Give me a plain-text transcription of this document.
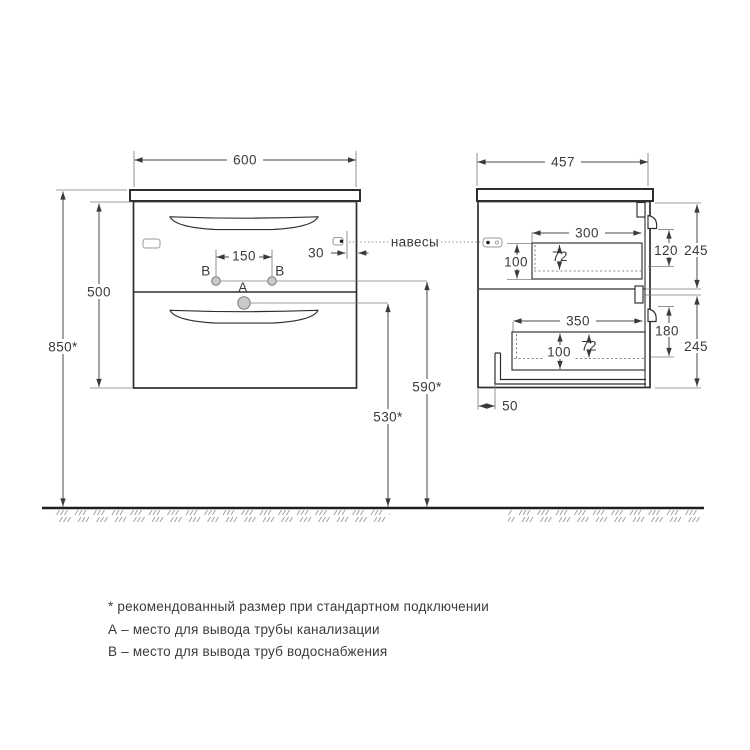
600	457
500
850*
590*
530*
150	30
B	B
A
300
100 72	120 245
350
100 72
180
245
50
навесы
* рекомендованный размер при стандартном подключении
А – место для вывода трубы канализации
В – место для вывода труб водоснабжения
